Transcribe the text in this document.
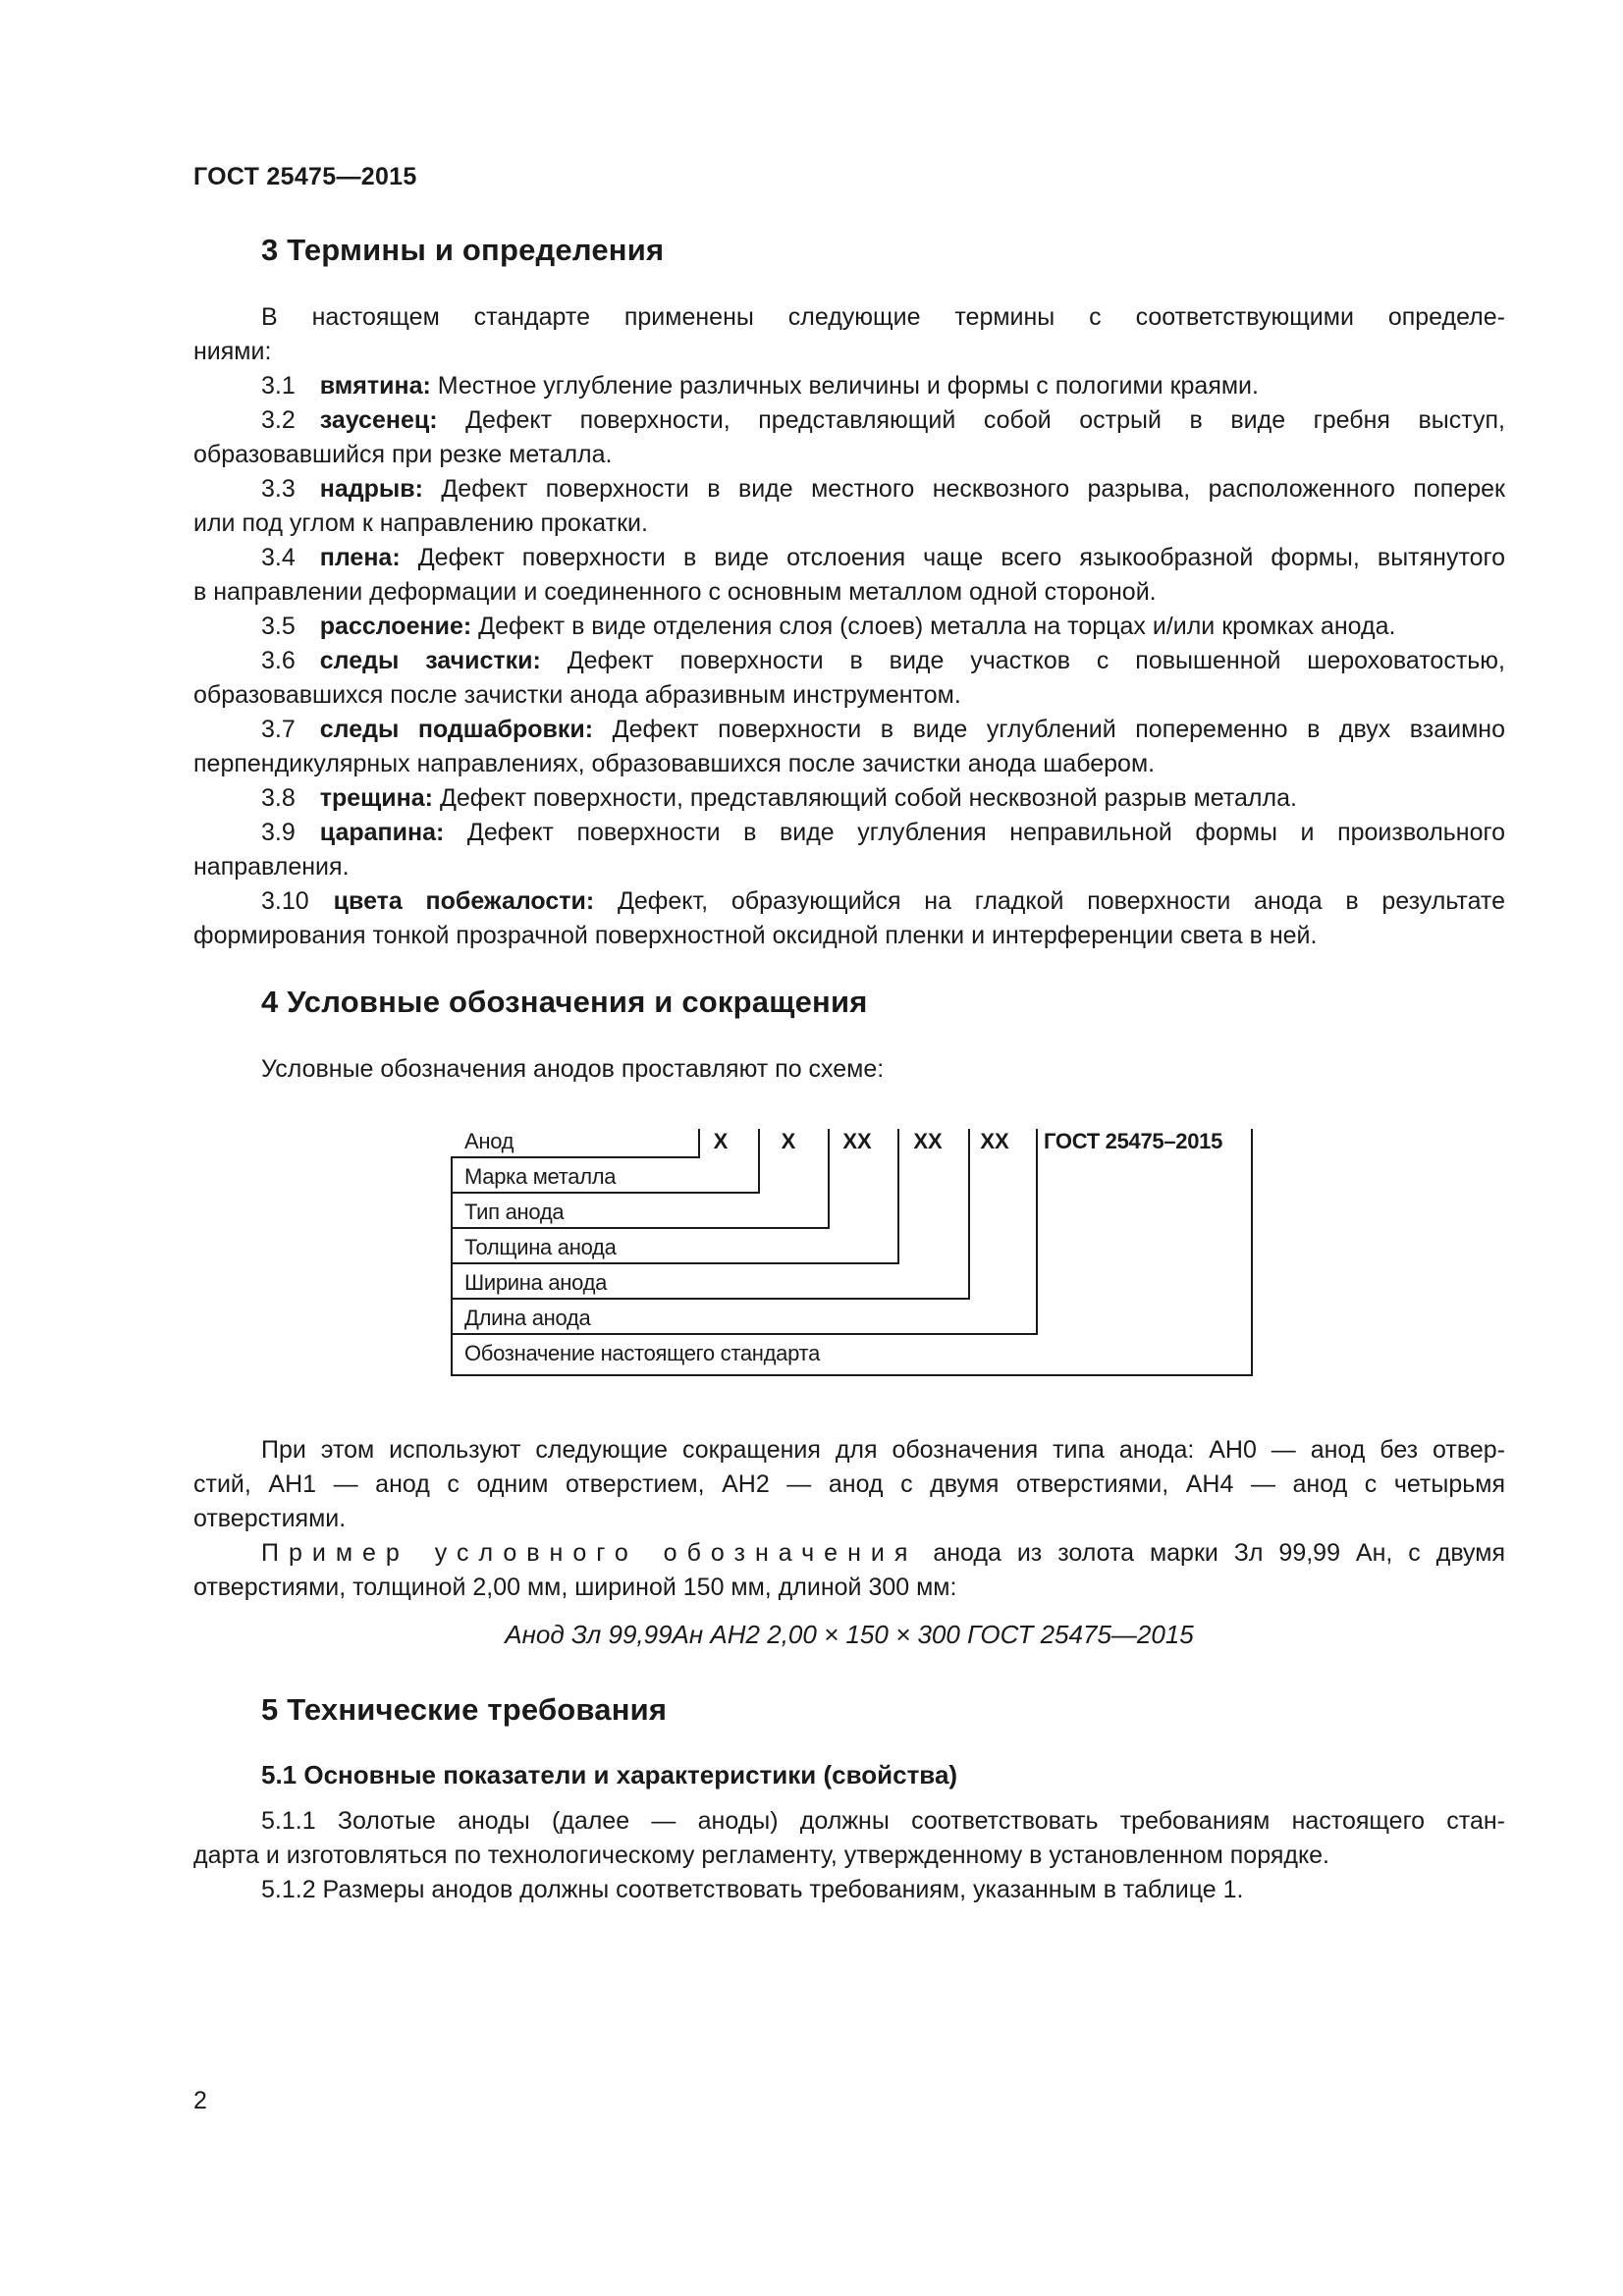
ГОСТ 25475—2015
3 Термины и определения
В настоящем стандарте применены следующие термины с соответствующими определе-
ниями:
3.1  вмятина: Местное углубление различных величины и формы с пологими краями.
3.2  заусенец: Дефект поверхности, представляющий собой острый в виде гребня выступ,
образовавшийся при резке металла.
3.3  надрыв: Дефект поверхности в виде местного несквозного разрыва, расположенного поперек
или под углом к направлению прокатки.
3.4  плена: Дефект поверхности в виде отслоения чаще всего языкообразной формы, вытянутого
в направлении деформации и соединенного с основным металлом одной стороной.
3.5  расслоение: Дефект в виде отделения слоя (слоев) металла на торцах и/или кромках анода.
3.6  следы зачистки: Дефект поверхности в виде участков с повышенной шероховатостью,
образовавшихся после зачистки анода абразивным инструментом.
3.7  следы подшабровки: Дефект поверхности в виде углублений попеременно в двух взаимно
перпендикулярных направлениях, образовавшихся после зачистки анода шабером.
3.8  трещина: Дефект поверхности, представляющий собой несквозной разрыв металла.
3.9  царапина: Дефект поверхности в виде углубления неправильной формы и произвольного
направления.
3.10  цвета побежалости: Дефект, образующийся на гладкой поверхности анода в результате
формирования тонкой прозрачной поверхностной оксидной пленки и интерференции света в ней.
4 Условные обозначения и сокращения
Условные обозначения анодов проставляют по схеме:
Анод	X	X	XX XX XX ГОСТ 25475–2015
Марка металла
Тип анода
Толщина анода
Ширина анода
Длина анода
Обозначение настоящего стандарта
При этом используют следующие сокращения для обозначения типа анода: АН0 — анод без отвер-
стий, АН1 — анод с одним отверстием, АН2 — анод с двумя отверстиями, АН4 — анод с четырьмя
отверстиями.
Пример условного обозначения анода из золота марки Зл 99,99 Ан, с двумя
отверстиями, толщиной 2,00 мм, шириной 150 мм, длиной 300 мм:
Анод Зл 99,99Ан АН2 2,00 × 150 × 300 ГОСТ 25475—2015
5 Технические требования
5.1 Основные показатели и характеристики (свойства)
5.1.1 Золотые аноды (далее — аноды) должны соответствовать требованиям настоящего стан-
дарта и изготовляться по технологическому регламенту, утвержденному в установленном порядке.
5.1.2 Размеры анодов должны соответствовать требованиям, указанным в таблице 1.
2
